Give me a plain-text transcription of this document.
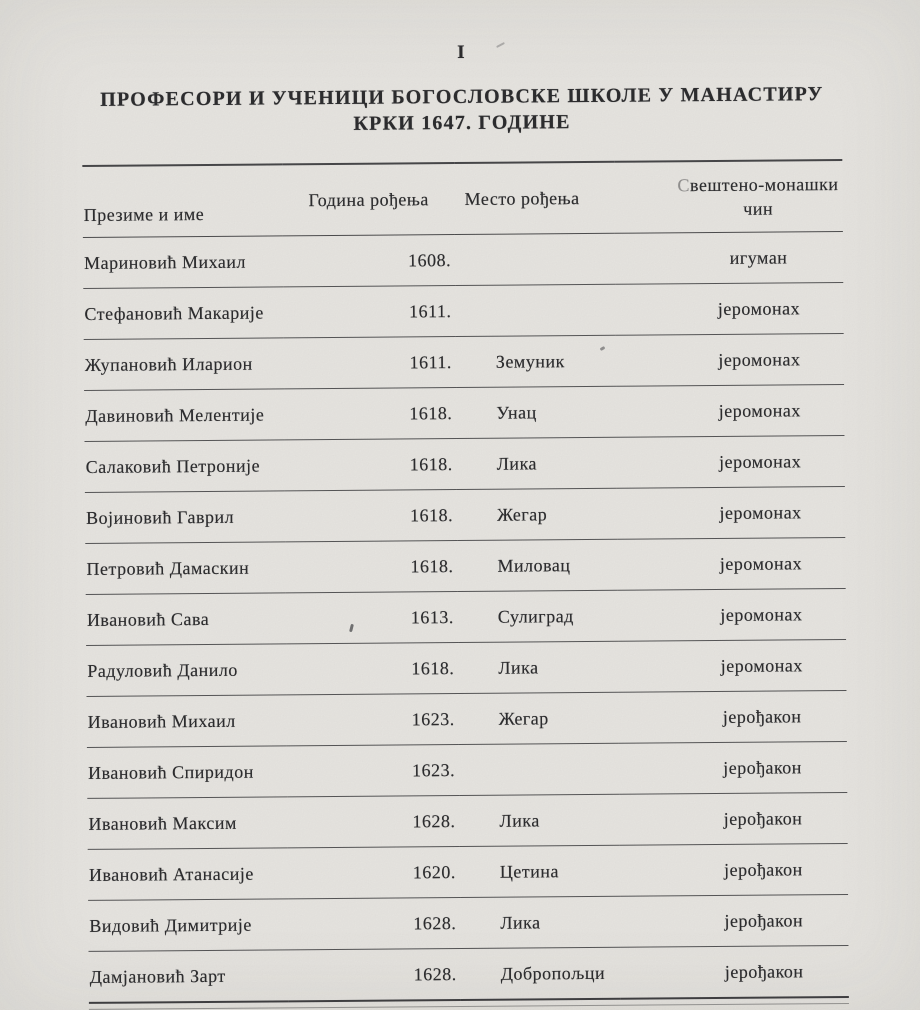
I
ПРОФЕСОРИ И УЧЕНИЦИ БОГОСЛОВСКЕ ШКОЛЕ У МАНАСТИРУ
КРКИ 1647. ГОДИНЕ
Презиме и име	Година рођења	Место рођења	Свештено-монашки
чин
Мариновић Михаил	1608.		игуман
Стефановић Макарије	1611.		јеромонах
Жупановић Иларион	1611.	Земуник	јеромонах
Давиновић Мелентије	1618.	Унац	јеромонах
Салаковић Петроније	1618.	Лика	јеромонах
Војиновић Гаврил	1618.	Жегар	јеромонах
Петровић Дамаскин	1618.	Миловац	јеромонах
Ивановић Сава	1613.	Сулиград	јеромонах
Радуловић Данило	1618.	Лика	јеромонах
Ивановић Михаил	1623.	Жегар	јерођакон
Ивановић Спиридон	1623.		јерођакон
Ивановић Максим	1628.	Лика	јерођакон
Ивановић Атанасије	1620.	Цетина	јерођакон
Видовић Димитрије	1628.	Лика	јерођакон
Дамјановић Зарт	1628.	Добропољци	јерођакон
